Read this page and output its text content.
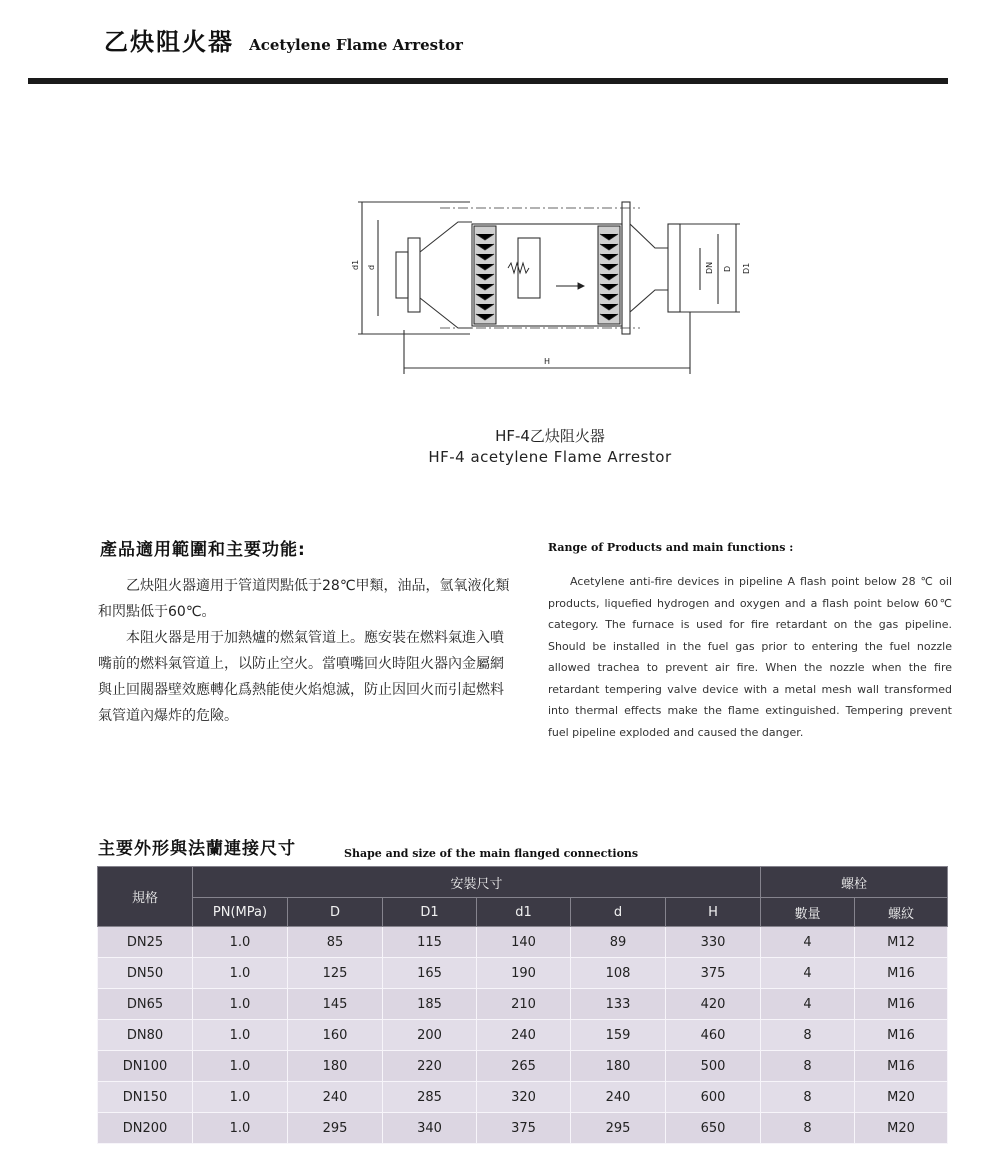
乙炔阻火器 Acetylene Flame Arrestor
d1 d	DN D D1
H
HF-4乙炔阻火器
HF-4 acetylene Flame Arrestor
產品適用範圍和主要功能:	Range of Products and main functions :

乙炔阻火器適用于管道閃點低于28℃甲類，油品，氫氧液化類和閃點低于60℃。

本阻火器是用于加熱爐的燃氣管道上。應安裝在燃料氣進入噴嘴前的燃料氣管道上，以防止空火。當噴嘴回火時阻火器內金屬網與止回閥器壁效應轉化爲熱能使火焰熄滅，防止因回火而引起燃料氣管道內爆炸的危險。

Acetylene anti-fire devices in pipeline A flash point below 28 ℃ oil products, liquefied hydrogen and oxygen and a flash point below 60℃ category. The furnace is used for fire retardant on the gas pipeline. Should be installed in the fuel gas prior to entering the fuel nozzle allowed trachea to prevent air fire. When the nozzle when the fire retardant tempering valve device with a metal mesh wall transformed into thermal effects make the flame extinguished. Tempering prevent fuel pipeline exploded and caused the danger.
主要外形與法蘭連接尺寸	Shape and size of the main flanged connections
規格	安裝尺寸						螺栓	
	PN(MPa)	D	D1	d1	d	H	數量	螺紋
DN25	1.0	85	115	140	89	330	4	M12
DN50	1.0	125	165	190	108	375	4	M16
DN65	1.0	145	185	210	133	420	4	M16
DN80	1.0	160	200	240	159	460	8	M16
DN100	1.0	180	220	265	180	500	8	M16
DN150	1.0	240	285	320	240	600	8	M20
DN200	1.0	295	340	375	295	650	8	M20
